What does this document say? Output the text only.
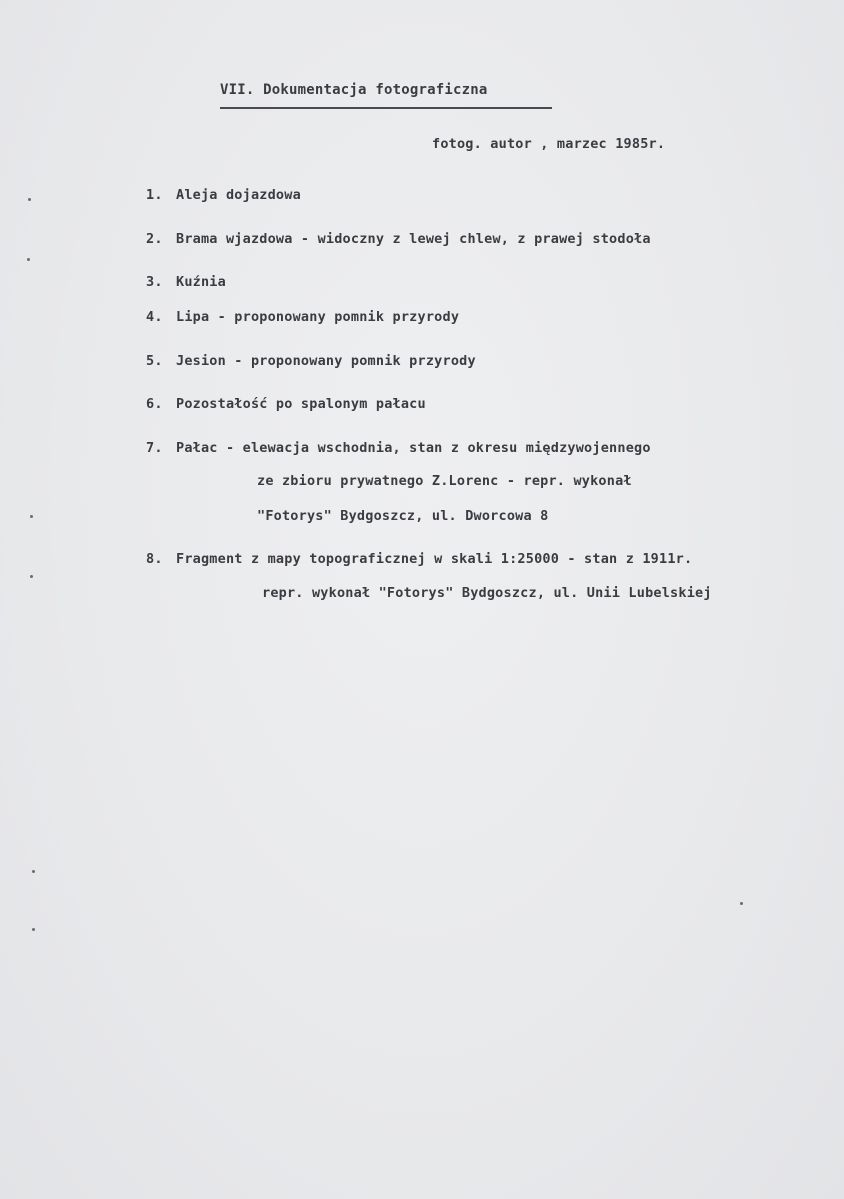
VII. Dokumentacja fotograficzna
fotog. autor , marzec 1985r.
1. Aleja dojazdowa
2. Brama wjazdowa - widoczny z lewej chlew, z prawej stodoła
3. Kuźnia
4. Lipa - proponowany pomnik przyrody
5. Jesion - proponowany pomnik przyrody
6. Pozostałość po spalonym pałacu
7. Pałac - elewacja wschodnia, stan z okresu międzywojennego
ze zbioru prywatnego Z.Lorenc - repr. wykonał
"Fotorys" Bydgoszcz, ul. Dworcowa 8
8. Fragment z mapy topograficznej w skali 1:25000 - stan z 1911r.
repr. wykonał "Fotorys" Bydgoszcz, ul. Unii Lubelskiej
